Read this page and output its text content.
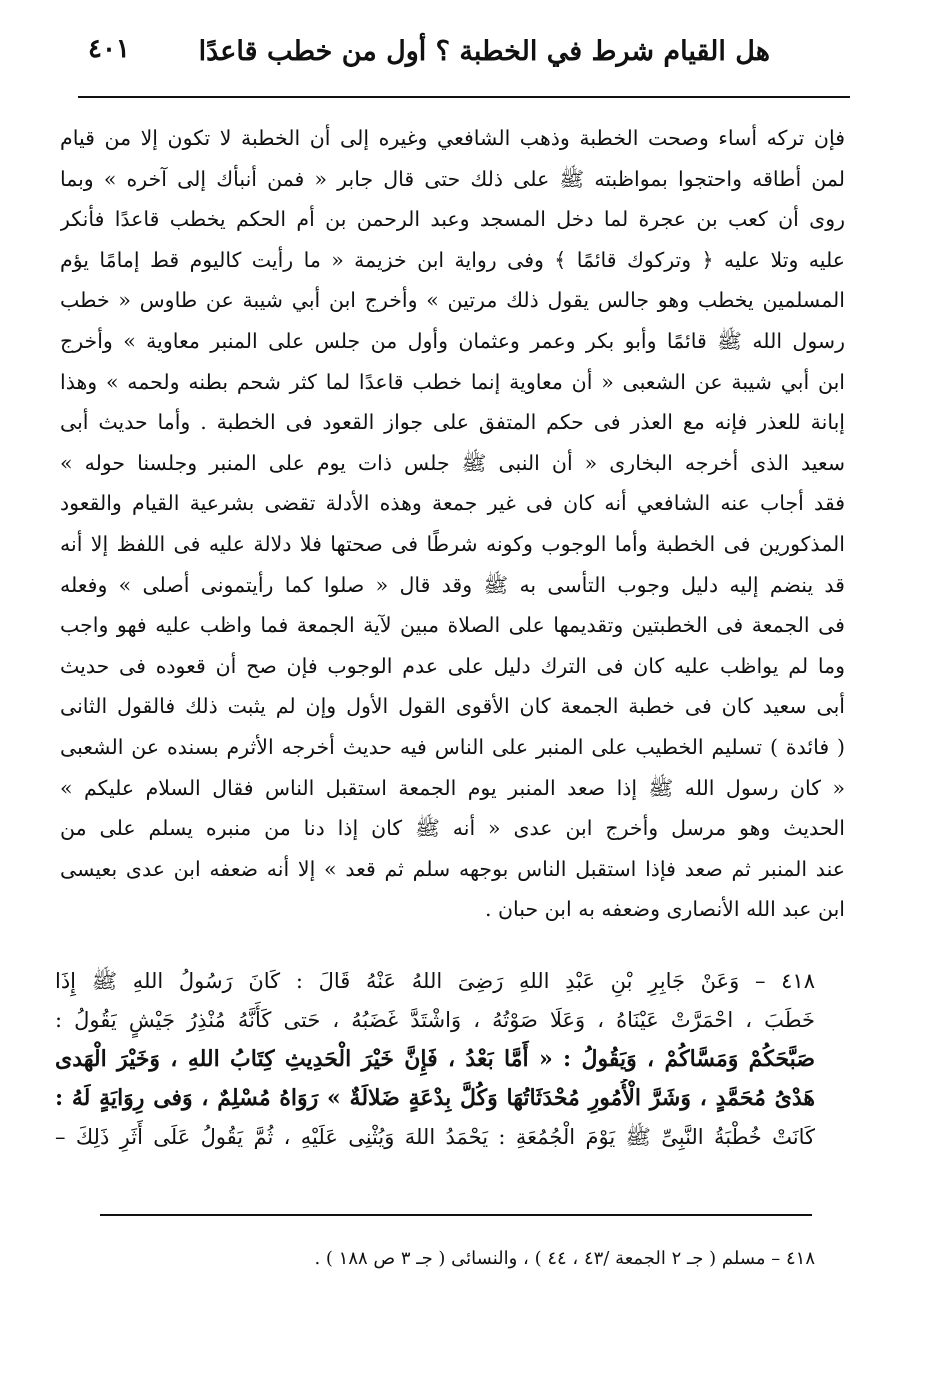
هل القيام شرط في الخطبة ؟ أول من خطب قاعدًا
٤٠١
فإن تركه أساء وصحت الخطبة وذهب الشافعي وغيره إلى أن الخطبة لا تكون إلا من قيام
لمن أطاقه واحتجوا بمواظبته ﷺ على ذلك حتى قال جابر « فمن أنبأك إلى آخره » وبما
روى أن كعب بن عجرة لما دخل المسجد وعبد الرحمن بن أم الحكم يخطب قاعدًا فأنكر
عليه وتلا عليه ﴿ وتركوك قائمًا ﴾ وفى رواية ابن خزيمة « ما رأيت كاليوم قط إمامًا يؤم
المسلمين يخطب وهو جالس يقول ذلك مرتين » وأخرج ابن أبي شيبة عن طاوس « خطب
رسول الله ﷺ قائمًا وأبو بكر وعمر وعثمان وأول من جلس على المنبر معاوية » وأخرج
ابن أبي شيبة عن الشعبى « أن معاوية إنما خطب قاعدًا لما كثر شحم بطنه ولحمه » وهذا
إبانة للعذر فإنه مع العذر فى حكم المتفق على جواز القعود فى الخطبة . وأما حديث أبى
سعيد الذى أخرجه البخارى « أن النبى ﷺ جلس ذات يوم على المنبر وجلسنا حوله »
فقد أجاب عنه الشافعي أنه كان فى غير جمعة وهذه الأدلة تقضى بشرعية القيام والقعود
المذكورين فى الخطبة وأما الوجوب وكونه شرطًا فى صحتها فلا دلالة عليه فى اللفظ إلا أنه
قد ينضم إليه دليل وجوب التأسى به ﷺ وقد قال « صلوا كما رأيتمونى أصلى » وفعله
فى الجمعة فى الخطبتين وتقديمها على الصلاة مبين لآية الجمعة فما واظب عليه فهو واجب
وما لم يواظب عليه كان فى الترك دليل على عدم الوجوب فإن صح أن قعوده فى حديث
أبى سعيد كان فى خطبة الجمعة كان الأقوى القول الأول وإن لم يثبت ذلك فالقول الثانى
( فائدة ) تسليم الخطيب على المنبر على الناس فيه حديث أخرجه الأثرم بسنده عن الشعبى
« كان رسول الله ﷺ إذا صعد المنبر يوم الجمعة استقبل الناس فقال السلام عليكم »
الحديث وهو مرسل وأخرج ابن عدى « أنه ﷺ كان إذا دنا من منبره يسلم على من
عند المنبر ثم صعد فإذا استقبل الناس بوجهه سلم ثم قعد » إلا أنه ضعفه ابن عدى بعيسى
ابن عبد الله الأنصارى وضعفه به ابن حبان .
٤١٨ – وَعَنْ جَابِرِ بْنِ عَبْدِ اللهِ رَضِىَ اللهُ عَنْهُ قَالَ : كَانَ رَسُولُ اللهِ ﷺ إِذَا
خَطَبَ ، احْمَرَّتْ عَيْنَاهُ ، وَعَلَا صَوْتُهُ ، وَاشْتَدَّ غَضَبُهُ ، حَتى كَأَنَّهُ مُنْذِرُ جَيْشٍ يَقُولُ :
صَبَّحَكُمْ وَمَسَّاكُمْ ، وَيَقُولُ : « أَمَّا بَعْدُ ، فَإِنَّ خَيْرَ الْحَدِيثِ كِتَابُ اللهِ ، وَخَيْرَ الْهَدى
هَدْىُ مُحَمَّدٍ ، وَشَرَّ الْأُمُورِ مُحْدَثَاتُهَا وَكُلَّ بِدْعَةٍ ضَلالَةٌ » رَوَاهُ مُسْلِمٌ ، وَفى رِوَايَةٍ لَهُ :
كَانَتْ خُطْبَةُ النَّبِىِّ ﷺ يَوْمَ الْجُمُعَةِ : يَحْمَدُ اللهَ وَيُثْنِى عَلَيْهِ ، ثُمَّ يَقُولُ عَلَى أَثَرِ ذَلِكَ –
٤١٨ – مسلم ( جـ ٢ الجمعة /٤٣ ، ٤٤ ) ، والنسائى ( جـ ٣ ص ١٨٨ ) .
